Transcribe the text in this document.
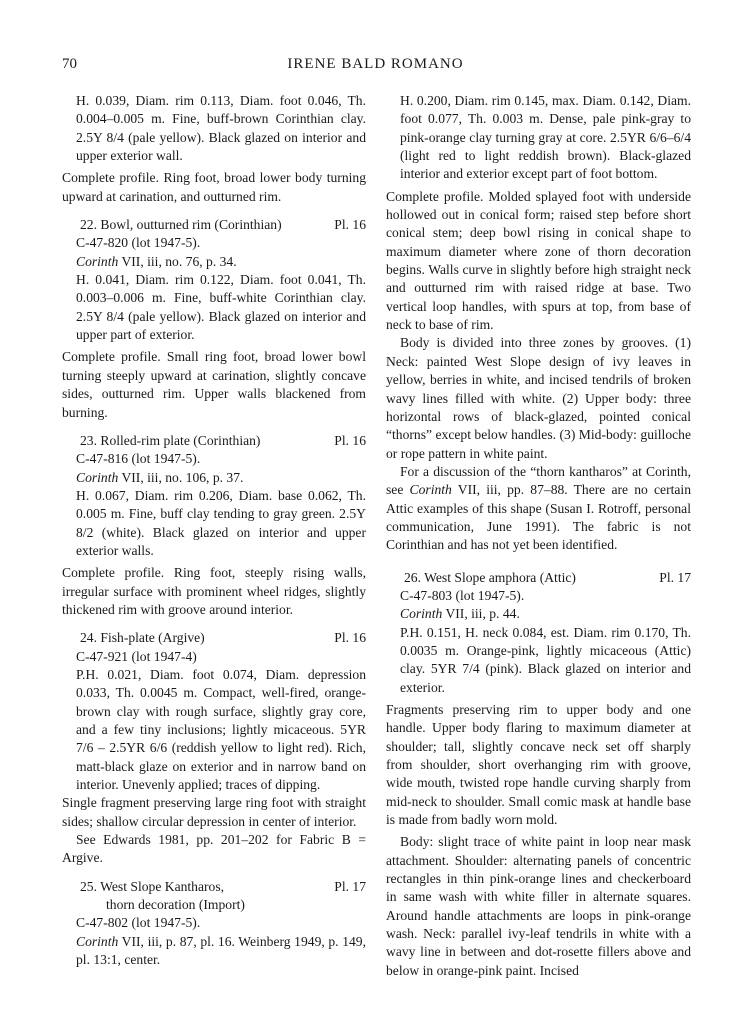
70	IRENE BALD ROMANO
H. 0.039, Diam. rim 0.113, Diam. foot 0.046, Th. 0.004–0.005 m. Fine, buff-brown Corinthian clay. 2.5Y 8/4 (pale yellow). Black glazed on interior and upper exterior wall.
Complete profile. Ring foot, broad lower body turning upward at carination, and outturned rim.
22. Bowl, outturned rim (Corinthian)	Pl. 16
C-47-820 (lot 1947-5).
Corinth VII, iii, no. 76, p. 34.
H. 0.041, Diam. rim 0.122, Diam. foot 0.041, Th. 0.003–0.006 m. Fine, buff-white Corinthian clay. 2.5Y 8/4 (pale yellow). Black glazed on interior and upper part of exterior.
Complete profile. Small ring foot, broad lower bowl turning steeply upward at carination, slightly concave sides, outturned rim. Upper walls blackened from burning.
23. Rolled-rim plate (Corinthian)	Pl. 16
C-47-816 (lot 1947-5).
Corinth VII, iii, no. 106, p. 37.
H. 0.067, Diam. rim 0.206, Diam. base 0.062, Th. 0.005 m. Fine, buff clay tending to gray green. 2.5Y 8/2 (white). Black glazed on interior and upper exterior walls.
Complete profile. Ring foot, steeply rising walls, irregular surface with prominent wheel ridges, slightly thickened rim with groove around interior.
24. Fish-plate (Argive)	Pl. 16
C-47-921 (lot 1947-4)
P.H. 0.021, Diam. foot 0.074, Diam. depression 0.033, Th. 0.0045 m. Compact, well-fired, orange-brown clay with rough surface, slightly gray core, and a few tiny inclusions; lightly micaceous. 5YR 7/6 – 2.5YR 6/6 (reddish yellow to light red). Rich, matt-black glaze on exterior and in narrow band on interior. Unevenly applied; traces of dipping.
Single fragment preserving large ring foot with straight sides; shallow circular depression in center of interior.
See Edwards 1981, pp. 201–202 for Fabric B = Argive.
25. West Slope Kantharos,	Pl. 17
thorn decoration (Import)
C-47-802 (lot 1947-5).
Corinth VII, iii, p. 87, pl. 16. Weinberg 1949, p. 149, pl. 13:1, center.
H. 0.200, Diam. rim 0.145, max. Diam. 0.142, Diam. foot 0.077, Th. 0.003 m. Dense, pale pink-gray to pink-orange clay turning gray at core. 2.5YR 6/6–6/4 (light red to light reddish brown). Black-glazed interior and exterior except part of foot bottom.
Complete profile. Molded splayed foot with underside hollowed out in conical form; raised step before short conical stem; deep bowl rising in conical shape to maximum diameter where zone of thorn decoration begins. Walls curve in slightly before high straight neck and outturned rim with raised ridge at base. Two vertical loop handles, with spurs at top, from base of neck to base of rim.
Body is divided into three zones by grooves. (1) Neck: painted West Slope design of ivy leaves in yellow, berries in white, and incised tendrils of broken wavy lines filled with white. (2) Upper body: three horizontal rows of black-glazed, pointed conical “thorns” except below handles. (3) Mid-body: guilloche or rope pattern in white paint.
For a discussion of the “thorn kantharos” at Corinth, see Corinth VII, iii, pp. 87–88. There are no certain Attic examples of this shape (Susan I. Rotroff, personal communication, June 1991). The fabric is not Corinthian and has not yet been identified.
26. West Slope amphora (Attic)	Pl. 17
C-47-803 (lot 1947-5).
Corinth VII, iii, p. 44.
P.H. 0.151, H. neck 0.084, est. Diam. rim 0.170, Th. 0.0035 m. Orange-pink, lightly micaceous (Attic) clay. 5YR 7/4 (pink). Black glazed on interior and exterior.
Fragments preserving rim to upper body and one handle. Upper body flaring to maximum diameter at shoulder; tall, slightly concave neck set off sharply from shoulder, short overhanging rim with groove, wide mouth, twisted rope handle curving sharply from mid-neck to shoulder. Small comic mask at handle base is made from badly worn mold.
Body: slight trace of white paint in loop near mask attachment. Shoulder: alternating panels of concentric rectangles in thin pink-orange lines and checkerboard in same wash with white filler in alternate squares. Around handle attachments are loops in pink-orange wash. Neck: parallel ivy-leaf tendrils in white with a wavy line in between and dot-rosette fillers above and below in orange-pink paint. Incised
